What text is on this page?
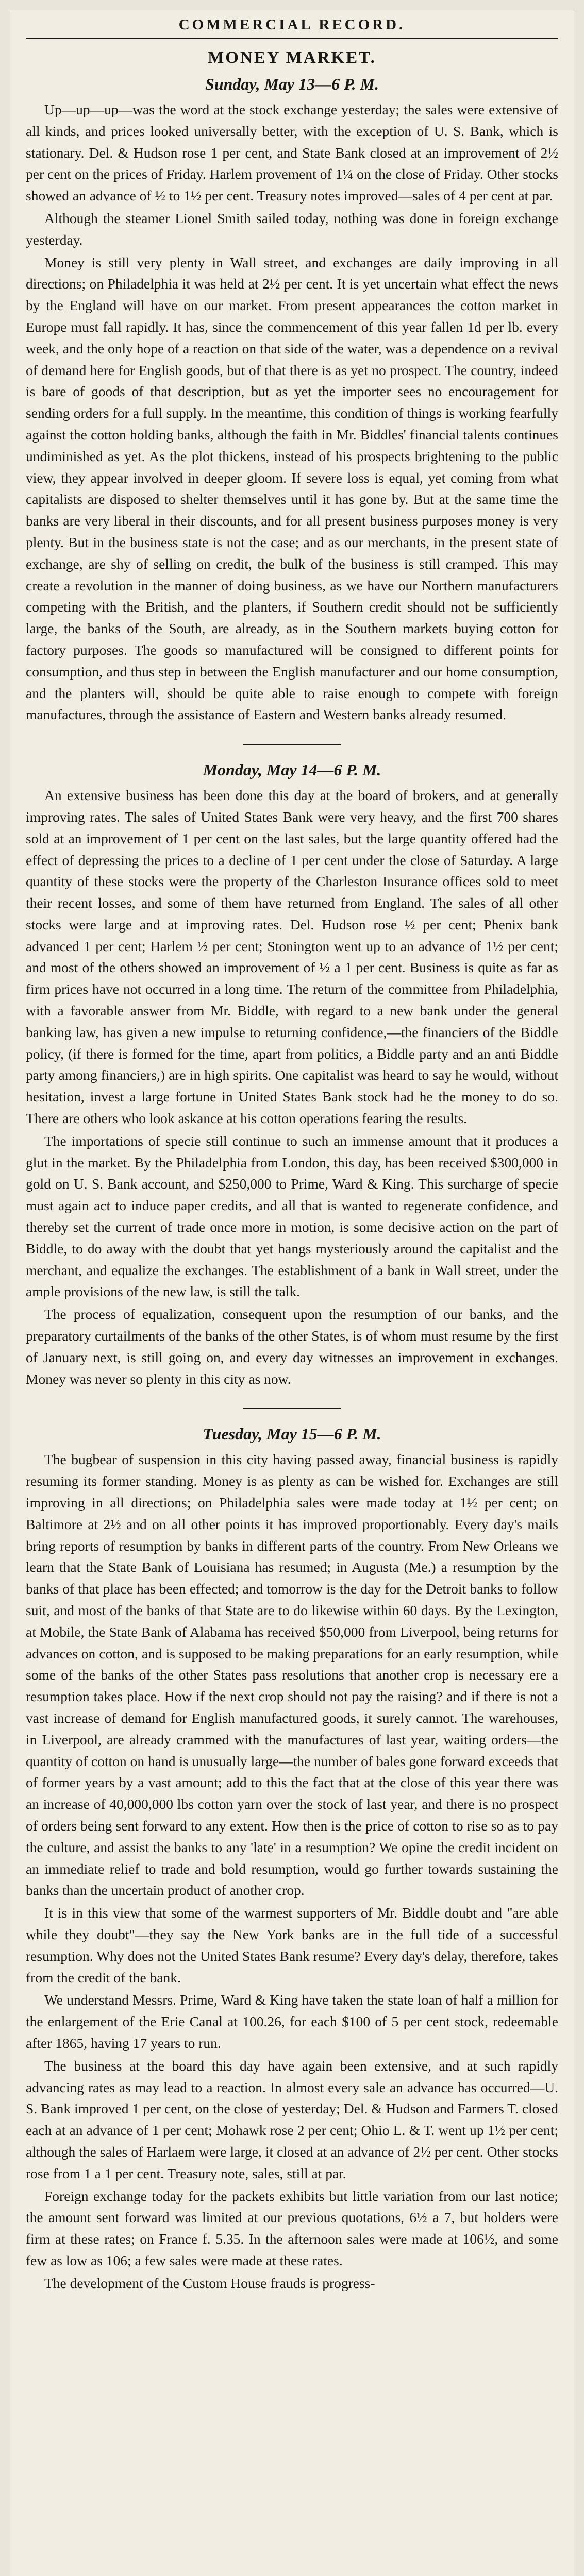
COMMERCIAL RECORD.
MONEY MARKET.
Sunday, May 13—6 P. M.

Up—up—up—was the word at the stock exchange yesterday; the sales were extensive of all kinds, and prices looked universally better, with the exception of U. S. Bank, which is stationary. Del. & Hudson rose 1 per cent, and State Bank closed at an improvement of 2½ per cent on the prices of Friday. Harlem provement of 1¼ on the close of Friday. Other stocks showed an advance of ½ to 1½ per cent. Treasury notes improved—sales of 4 per cent at par.

Although the steamer Lionel Smith sailed today, nothing was done in foreign exchange yesterday.

Money is still very plenty in Wall street, and exchanges are daily improving in all directions; on Philadelphia it was held at 2½ per cent. It is yet uncertain what effect the news by the England will have on our market. From present appearances the cotton market in Europe must fall rapidly. It has, since the commencement of this year fallen 1d per lb. every week, and the only hope of a reaction on that side of the water, was a dependence on a revival of demand here for English goods, but of that there is as yet no prospect. The country, indeed is bare of goods of that description, but as yet the importer sees no encouragement for sending orders for a full supply. In the meantime, this condition of things is working fearfully against the cotton holding banks, although the faith in Mr. Biddles' financial talents continues undiminished as yet. As the plot thickens, instead of his prospects brightening to the public view, they appear involved in deeper gloom. If severe loss is equal, yet coming from what capitalists are disposed to shelter themselves until it has gone by. But at the same time the banks are very liberal in their discounts, and for all present business purposes money is very plenty. But in the business state is not the case; and as our merchants, in the present state of exchange, are shy of selling on credit, the bulk of the business is still cramped. This may create a revolution in the manner of doing business, as we have our Northern manufacturers competing with the British, and the planters, if Southern credit should not be sufficiently large, the banks of the South, are already, as in the Southern markets buying cotton for factory purposes. The goods so manufactured will be consigned to different points for consumption, and thus step in between the English manufacturer and our home consumption, and the planters will, should be quite able to raise enough to compete with foreign manufactures, through the assistance of Eastern and Western banks already resumed.

Monday, May 14—6 P. M.

An extensive business has been done this day at the board of brokers, and at generally improving rates. The sales of United States Bank were very heavy, and the first 700 shares sold at an improvement of 1 per cent on the last sales, but the large quantity offered had the effect of depressing the prices to a decline of 1 per cent under the close of Saturday. A large quantity of these stocks were the property of the Charleston Insurance offices sold to meet their recent losses, and some of them have returned from England. The sales of all other stocks were large and at improving rates. Del. Hudson rose ½ per cent; Phenix bank advanced 1 per cent; Harlem ½ per cent; Stonington went up to an advance of 1½ per cent; and most of the others showed an improvement of ½ a 1 per cent. Business is quite as far as firm prices have not occurred in a long time. The return of the committee from Philadelphia, with a favorable answer from Mr. Biddle, with regard to a new bank under the general banking law, has given a new impulse to returning confidence,—the financiers of the Biddle policy, (if there is formed for the time, apart from politics, a Biddle party and an anti Biddle party among financiers,) are in high spirits. One capitalist was heard to say he would, without hesitation, invest a large fortune in United States Bank stock had he the money to do so. There are others who look askance at his cotton operations fearing the results.

The importations of specie still continue to such an immense amount that it produces a glut in the market. By the Philadelphia from London, this day, has been received $300,000 in gold on U. S. Bank account, and $250,000 to Prime, Ward & King. This surcharge of specie must again act to induce paper credits, and all that is wanted to regenerate confidence, and thereby set the current of trade once more in motion, is some decisive action on the part of Biddle, to do away with the doubt that yet hangs mysteriously around the capitalist and the merchant, and equalize the exchanges. The establishment of a bank in Wall street, under the ample provisions of the new law, is still the talk.

The process of equalization, consequent upon the resumption of our banks, and the preparatory curtailments of the banks of the other States, is of whom must resume by the first of January next, is still going on, and every day witnesses an improvement in exchanges. Money was never so plenty in this city as now.

Tuesday, May 15—6 P. M.

The bugbear of suspension in this city having passed away, financial business is rapidly resuming its former standing. Money is as plenty as can be wished for. Exchanges are still improving in all directions; on Philadelphia sales were made today at 1½ per cent; on Baltimore at 2½ and on all other points it has improved proportionably. Every day's mails bring reports of resumption by banks in different parts of the country. From New Orleans we learn that the State Bank of Louisiana has resumed; in Augusta (Me.) a resumption by the banks of that place has been effected; and tomorrow is the day for the Detroit banks to follow suit, and most of the banks of that State are to do likewise within 60 days. By the Lexington, at Mobile, the State Bank of Alabama has received $50,000 from Liverpool, being returns for advances on cotton, and is supposed to be making preparations for an early resumption, while some of the banks of the other States pass resolutions that another crop is necessary ere a resumption takes place. How if the next crop should not pay the raising? and if there is not a vast increase of demand for English manufactured goods, it surely cannot. The warehouses, in Liverpool, are already crammed with the manufactures of last year, waiting orders—the quantity of cotton on hand is unusually large—the number of bales gone forward exceeds that of former years by a vast amount; add to this the fact that at the close of this year there was an increase of 40,000,000 lbs cotton yarn over the stock of last year, and there is no prospect of orders being sent forward to any extent. How then is the price of cotton to rise so as to pay the culture, and assist the banks to any 'late' in a resumption? We opine the credit incident on an immediate relief to trade and bold resumption, would go further towards sustaining the banks than the uncertain product of another crop.

It is in this view that some of the warmest supporters of Mr. Biddle doubt and "are able while they doubt"—they say the New York banks are in the full tide of a successful resumption. Why does not the United States Bank resume? Every day's delay, therefore, takes from the credit of the bank.

We understand Messrs. Prime, Ward & King have taken the state loan of half a million for the enlargement of the Erie Canal at 100.26, for each $100 of 5 per cent stock, redeemable after 1865, having 17 years to run.

The business at the board this day have again been extensive, and at such rapidly advancing rates as may lead to a reaction. In almost every sale an advance has occurred—U. S. Bank improved 1 per cent, on the close of yesterday; Del. & Hudson and Farmers T. closed each at an advance of 1 per cent; Mohawk rose 2 per cent; Ohio L. & T. went up 1½ per cent; although the sales of Harlaem were large, it closed at an advance of 2½ per cent. Other stocks rose from 1 a 1 per cent. Treasury note, sales, still at par.

Foreign exchange today for the packets exhibits but little variation from our last notice; the amount sent forward was limited at our previous quotations, 6½ a 7, but holders were firm at these rates; on France f. 5.35. In the afternoon sales were made at 106½, and some few as low as 106; a few sales were made at these rates.

The development of the Custom House frauds is progress-
